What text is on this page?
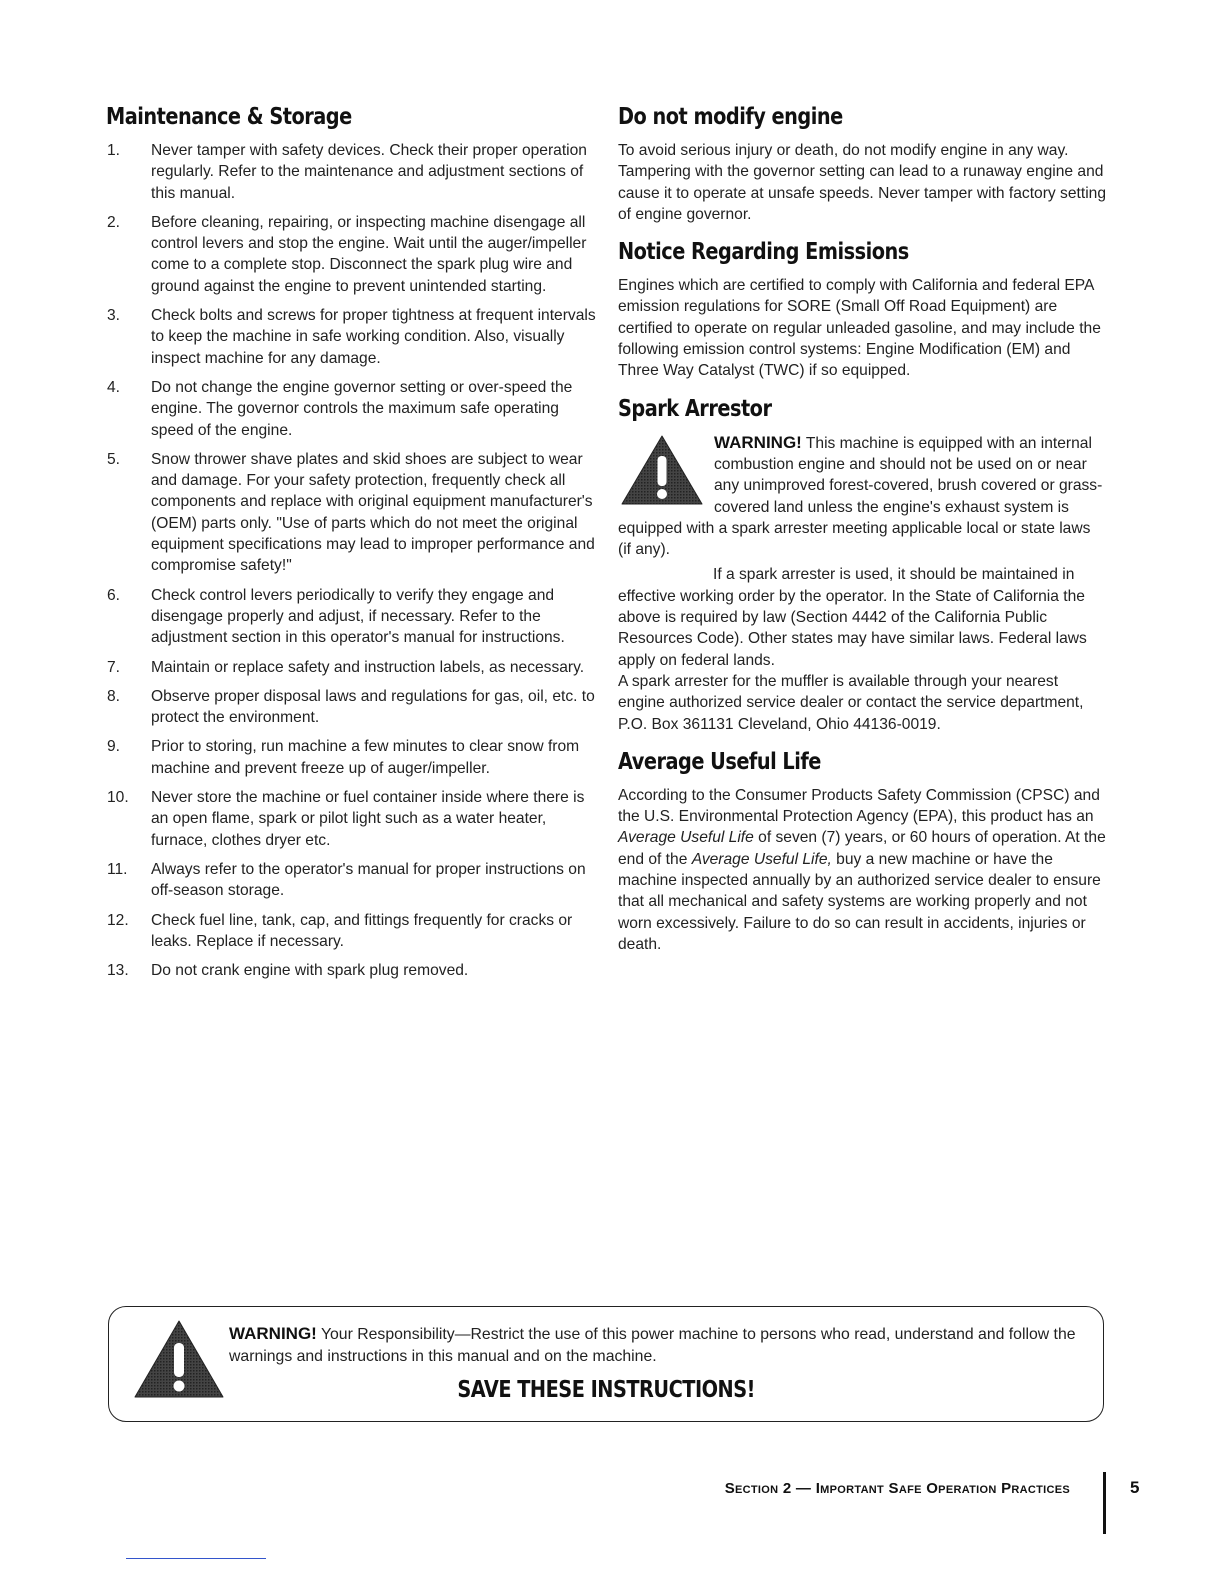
Maintenance & Storage
1. Never tamper with safety devices. Check their proper operation regularly. Refer to the maintenance and adjustment sections of this manual.
2. Before cleaning, repairing, or inspecting machine disengage all control levers and stop the engine. Wait until the auger/impeller come to a complete stop. Disconnect the spark plug wire and ground against the engine to prevent unintended starting.
3. Check bolts and screws for proper tightness at frequent intervals to keep the machine in safe working condition. Also, visually inspect machine for any damage.
4. Do not change the engine governor setting or over-speed the engine. The governor controls the maximum safe operating speed of the engine.
5. Snow thrower shave plates and skid shoes are subject to wear and damage. For your safety protection, frequently check all components and replace with original equipment manufacturer's (OEM) parts only. "Use of parts which do not meet the original equipment specifications may lead to improper performance and compromise safety!"
6. Check control levers periodically to verify they engage and disengage properly and adjust, if necessary. Refer to the adjustment section in this operator's manual for instructions.
7. Maintain or replace safety and instruction labels, as necessary.
8. Observe proper disposal laws and regulations for gas, oil, etc. to protect the environment.
9. Prior to storing, run machine a few minutes to clear snow from machine and prevent freeze up of auger/impeller.
10. Never store the machine or fuel container inside where there is an open flame, spark or pilot light such as a water heater, furnace, clothes dryer etc.
11. Always refer to the operator's manual for proper instructions on off-season storage.
12. Check fuel line, tank, cap, and fittings frequently for cracks or leaks. Replace if necessary.
13. Do not crank engine with spark plug removed.
Do not modify engine

To avoid serious injury or death, do not modify engine in any way. Tampering with the governor setting can lead to a runaway engine and cause it to operate at unsafe speeds. Never tamper with factory setting of engine governor.

Notice Regarding Emissions

Engines which are certified to comply with California and federal EPA emission regulations for SORE (Small Off Road Equipment) are certified to operate on regular unleaded gasoline, and may include the following emission control systems: Engine Modification (EM) and Three Way Catalyst (TWC) if so equipped.

Spark Arrestor
WARNING! This machine is equipped with an internal combustion engine and should not be used on or near any unimproved forest-covered, brush covered or grass-covered land unless the engine's exhaust system is equipped with a spark arrester meeting applicable local or state laws (if any).

If a spark arrester is used, it should be maintained in effective working order by the operator. In the State of California the above is required by law (Section 4442 of the California Public Resources Code). Other states may have similar laws. Federal laws apply on federal lands.

A spark arrester for the muffler is available through your nearest engine authorized service dealer or contact the service department, P.O. Box 361131 Cleveland, Ohio 44136-0019.

Average Useful Life

According to the Consumer Products Safety Commission (CPSC) and the U.S. Environmental Protection Agency (EPA), this product has an Average Useful Life of seven (7) years, or 60 hours of operation. At the end of the Average Useful Life, buy a new machine or have the machine inspected annually by an authorized service dealer to ensure that all mechanical and safety systems are working properly and not worn excessively. Failure to do so can result in accidents, injuries or death.

WARNING! Your Responsibility—Restrict the use of this power machine to persons who read, understand and follow the warnings and instructions in this manual and on the machine.
SAVE THESE INSTRUCTIONS!
Section 2 — Important Safe Operation Practices	5
